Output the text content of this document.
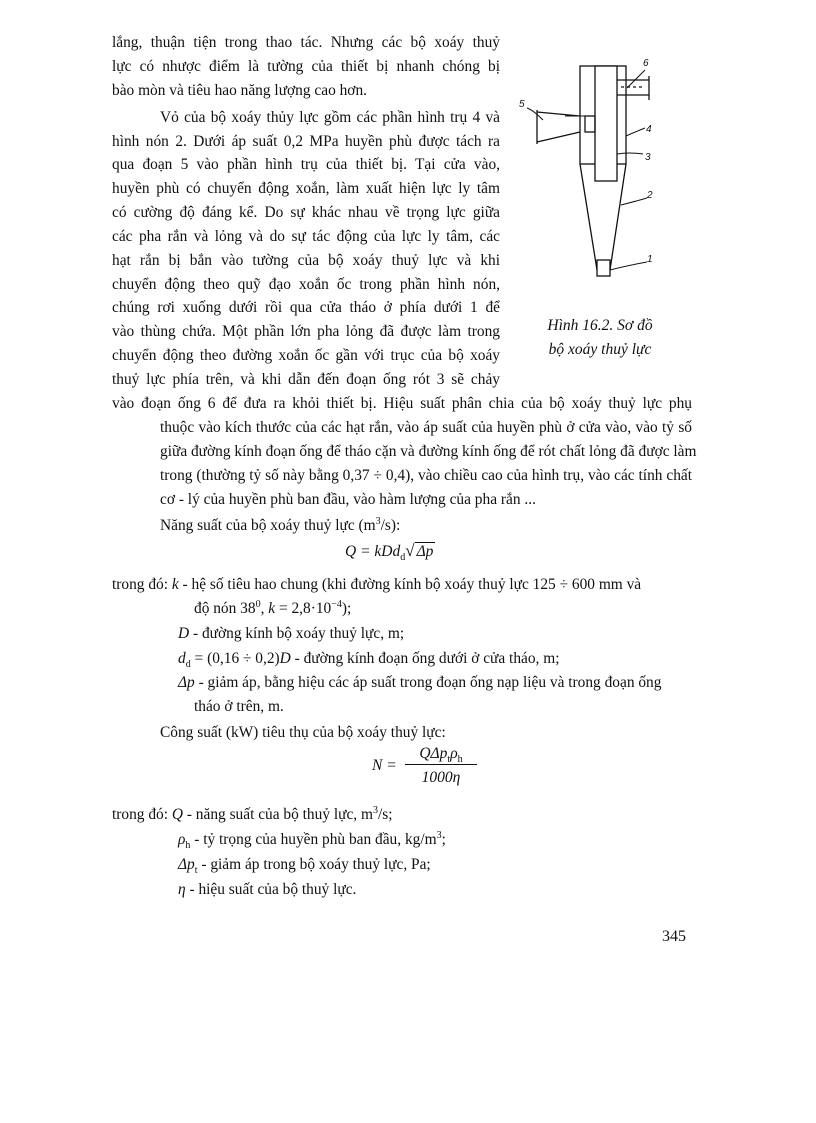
lắng, thuận tiện trong thao tác. Nhưng các bộ xoáy thuỷ
lực có nhược điểm là tường của thiết bị nhanh chóng bị
bào mòn và tiêu hao năng lượng cao hơn.
Vỏ của bộ xoáy thủy lực gồm các phần hình trụ 4 và
hình nón 2. Dưới áp suất 0,2 MPa huyền phù được tách ra
qua đoạn 5 vào phần hình trụ của thiết bị. Tại cửa vào,
huyền phù có chuyển động xoắn, làm xuất hiện lực ly tâm
có cường độ đáng kể. Do sự khác nhau về trọng lực giữa
các pha rắn và lỏng và do sự tác động của lực ly tâm, các
hạt rắn bị bắn vào tường của bộ xoáy thuỷ lực và khi
chuyển động theo quỹ đạo xoắn ốc trong phần hình nón,
chúng rơi xuống dưới rồi qua cửa tháo ở phía dưới 1 để
vào thùng chứa. Một phần lớn pha lỏng đã được làm trong
chuyển động theo đường xoắn ốc gần với trục của bộ xoáy
thuỷ lực phía trên, và khi dẫn đến đoạn ống rót 3 sẽ chảy
6
5
4
3
2
1
Hình 16.2. Sơ đồ
bộ xoáy thuỷ lực
vào đoạn ống 6 để đưa ra khỏi thiết bị. Hiệu suất phân chia của bộ xoáy thuỷ lực phụ
thuộc vào kích thước của các hạt rắn, vào áp suất của huyền phù ở cửa vào, vào tỷ số
giữa đường kính đoạn ống để tháo cặn và đường kính ống để rót chất lỏng đã được làm
trong (thường tỷ số này bằng 0,37 ÷ 0,4), vào chiều cao của hình trụ, vào các tính chất
cơ - lý của huyền phù ban đầu, vào hàm lượng của pha rắn ...
Năng suất của bộ xoáy thuỷ lực $(m^3/s)$:
Q = kDd$_d$√ Δp
trong đó: k - hệ số tiêu hao chung (khi đường kính bộ xoáy thuỷ lực 125 ÷ 600 mm và
độ nón $38^0$, $k = 2,8\cdot 10^{-4}$);
D - đường kính bộ xoáy thuỷ lực, m;
$d_d = (0,16 \div 0,2)D$ - đường kính đoạn ống dưới ở cửa tháo, m;
Δp - giảm áp, bằng hiệu các áp suất trong đoạn ống nạp liệu và trong đoạn ống
tháo ở trên, m.
Công suất (kW) tiêu thụ của bộ xoáy thuỷ lực:
N =
$Q\Delta p_t\rho_h$
1000η
trong đó: Q - năng suất của bộ thuỷ lực, $m^3/s$;
$\rho_h$ - tỷ trọng của huyền phù ban đầu, $kg/m^3$;
$\Delta p_t$ - giảm áp trong bộ xoáy thuỷ lực, Pa;
η - hiệu suất của bộ thuỷ lực.
345
